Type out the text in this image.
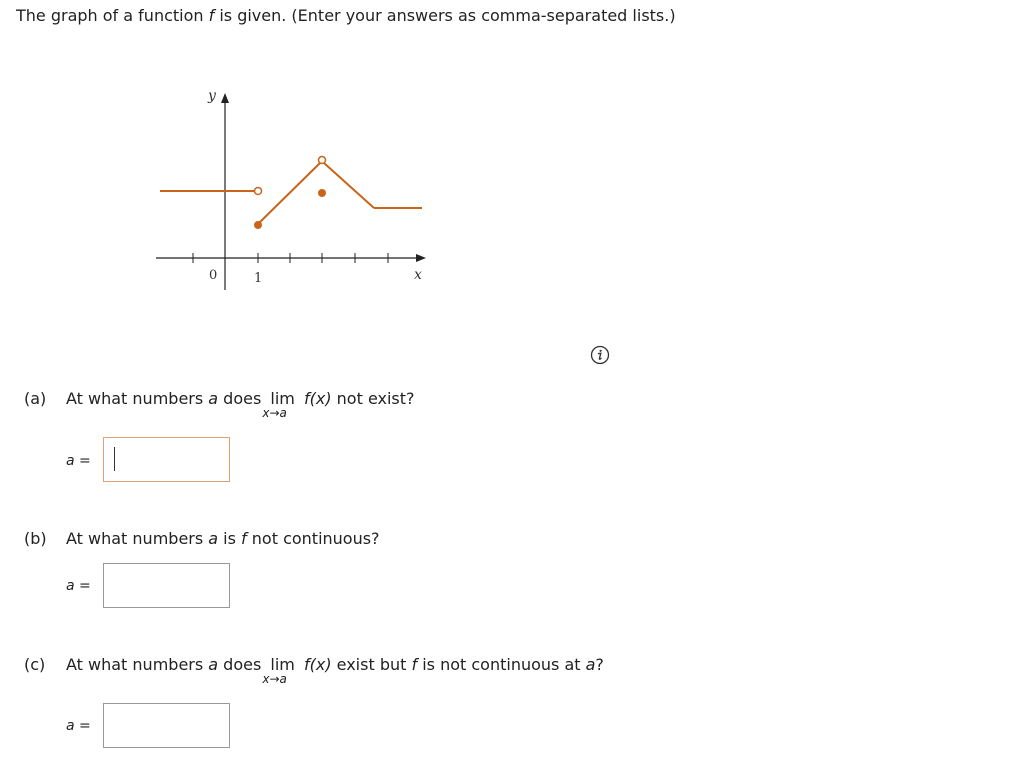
The graph of a function f is given. (Enter your answers as comma-separated lists.)
y
x
0	1
(a) At what numbers a does lim
x→a
f(x) not exist?
a =
(b) At what numbers a is f not continuous?
a =
(c) At what numbers a does lim
x→a
f(x) exist but f is not continuous at a?
a =
